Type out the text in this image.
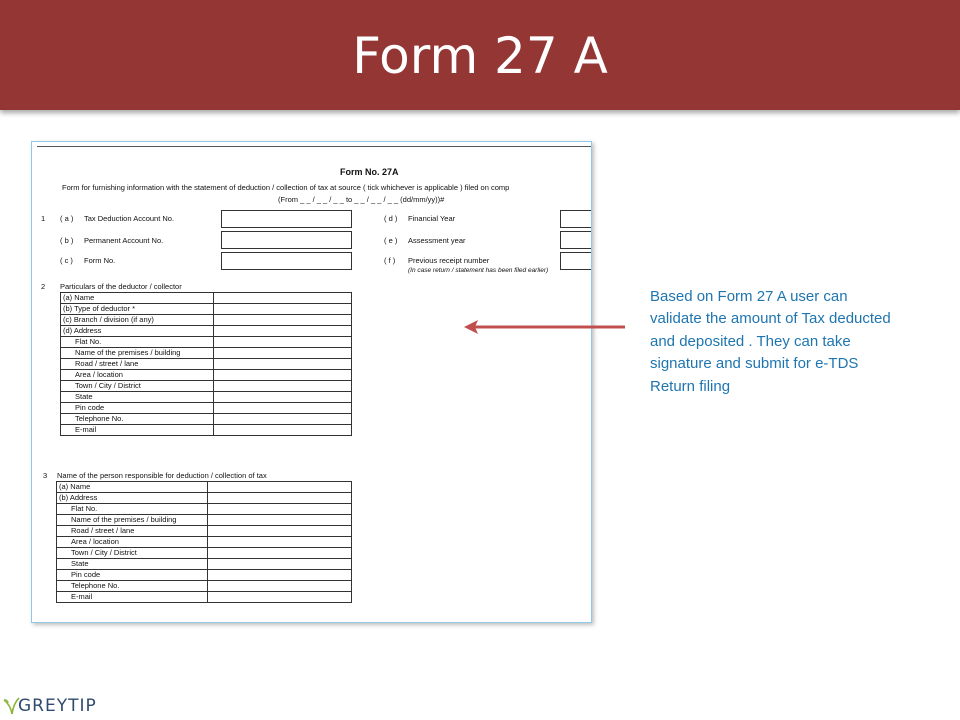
Form 27 A
Form No. 27A
Form for furnishing information with the statement of deduction / collection of tax at source ( tick whichever is applicable ) filed on comp
(From _ _ / _ _ / _ _ to _ _ / _ _ / _ _ (dd/mm/yy))#
1 ( a ) Tax Deduction Account No.
( b ) Permanent Account No.
( c ) Form No.
( d ) Financial Year
( e ) Assessment year
( f ) Previous receipt number
(In case return / statement has been filed earlier)
2 Particulars of the deductor / collector
(a) Name	
(b) Type of deductor *	
(c) Branch / division (if any)	
(d) Address	
Flat No.	
Name of the premises / building	
Road / street / lane	
Area / location	
Town / City / District	
State	
Pin code	
Telephone No.	
E-mail	
3 Name of the person responsible for deduction / collection of tax
(a) Name	
(b) Address	
Flat No.	
Name of the premises / building	
Road / street / lane	
Area / location	
Town / City / District	
State	
Pin code	
Telephone No.	
E-mail	
Based on Form 27 A user can validate the amount of Tax deducted and deposited . They can take signature and submit for e-TDS Return filing
GREYTIP
